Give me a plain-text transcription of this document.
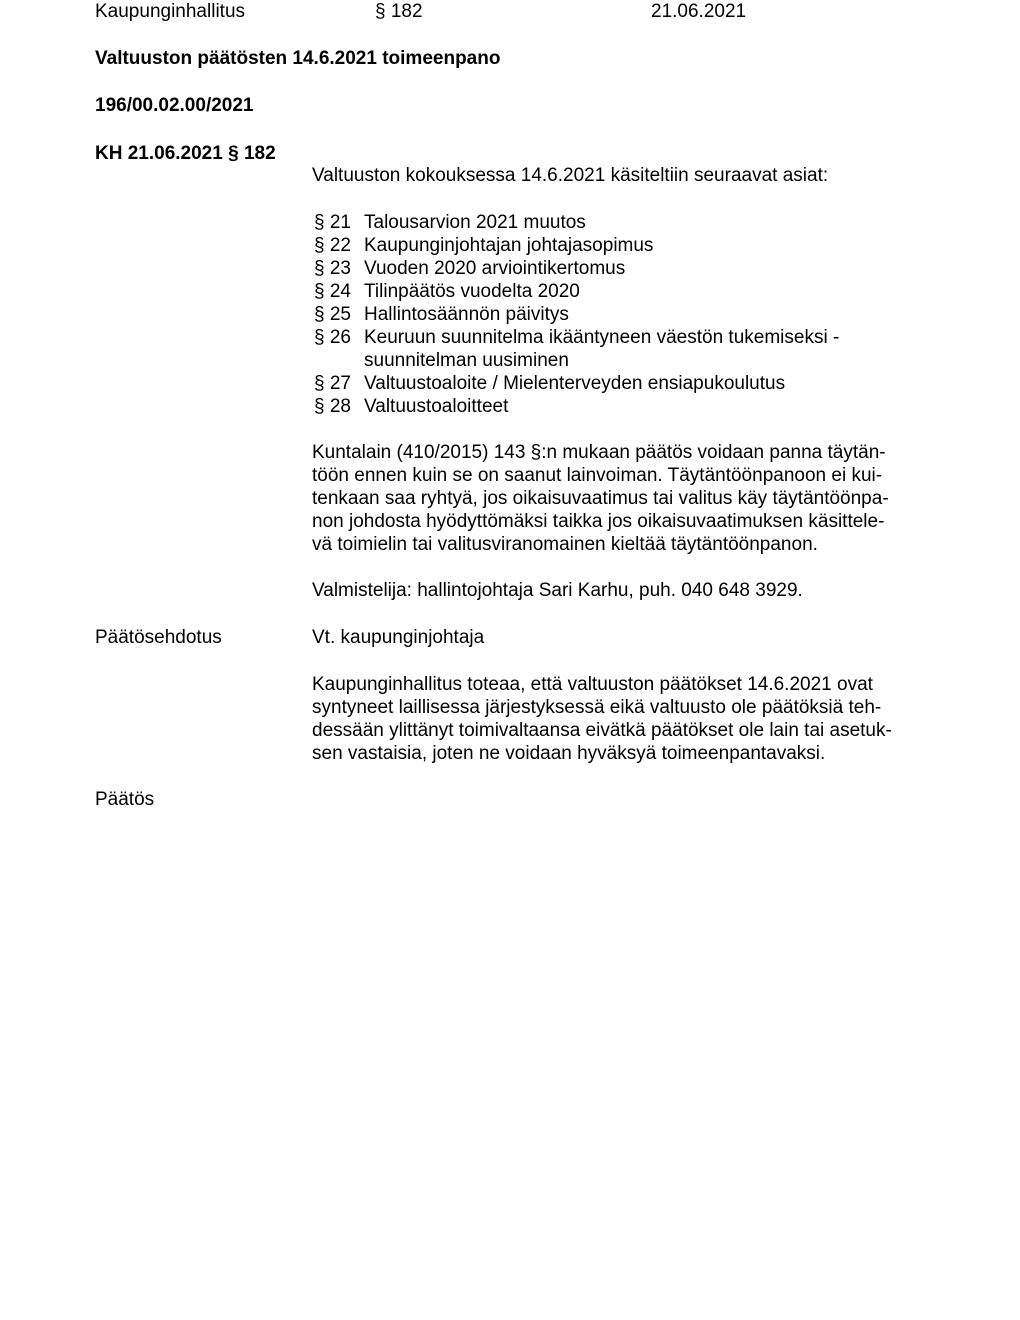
Kaupunginhallitus	§ 182	21.06.2021
Valtuuston päätösten 14.6.2021 toimeenpano
196/00.02.00/2021
KH 21.06.2021 § 182
Valtuuston kokouksessa 14.6.2021 käsiteltiin seuraavat asiat:
§ 21 Talousarvion 2021 muutos
§ 22 Kaupunginjohtajan johtajasopimus
§ 23 Vuoden 2020 arviointikertomus
§ 24 Tilinpäätös vuodelta 2020
§ 25 Hallintosäännön päivitys
§ 26 Keuruun suunnitelma ikääntyneen väestön tukemiseksi -
suunnitelman uusiminen
§ 27 Valtuustoaloite / Mielenterveyden ensiapukoulutus
§ 28 Valtuustoaloitteet
Kuntalain (410/2015) 143 §:n mukaan päätös voidaan panna täytän-
töön ennen kuin se on saanut lainvoiman. Täytäntöönpanoon ei kui-
tenkaan saa ryhtyä, jos oikaisuvaatimus tai valitus käy täytäntöönpa-
non johdosta hyödyttömäksi taikka jos oikaisuvaatimuksen käsittele-
vä toimielin tai valitusviranomainen kieltää täytäntöönpanon.
Valmistelija: hallintojohtaja Sari Karhu, puh. 040 648 3929.
Päätösehdotus	Vt. kaupunginjohtaja
Kaupunginhallitus toteaa, että valtuuston päätökset 14.6.2021 ovat
syntyneet laillisessa järjestyksessä eikä valtuusto ole päätöksiä teh-
dessään ylittänyt toimivaltaansa eivätkä päätökset ole lain tai asetuk-
sen vastaisia, joten ne voidaan hyväksyä toimeenpantavaksi.
Päätös
